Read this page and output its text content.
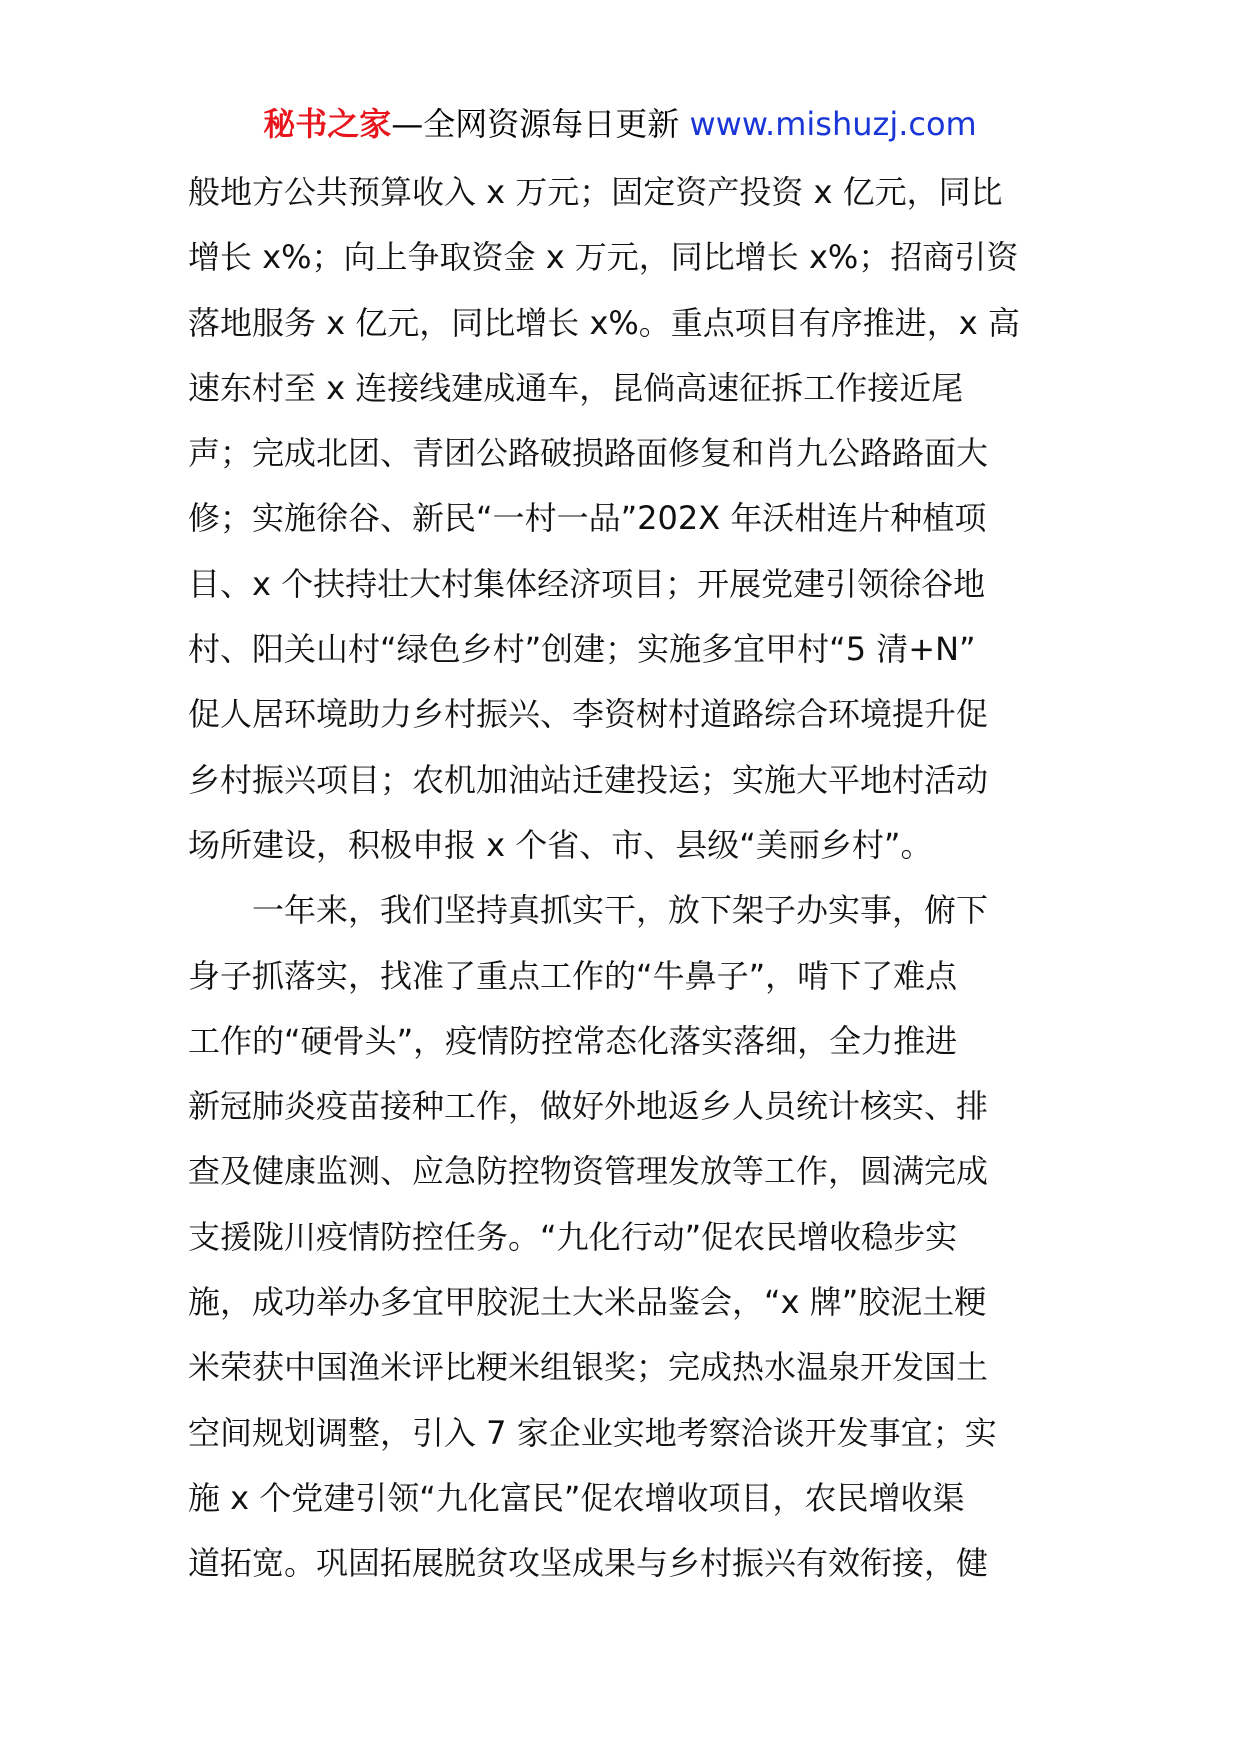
秘书之家—全网资源每日更新 www.mishuzj.com
般地方公共预算收入 x 万元；固定资产投资 x 亿元，同比
增长 x%；向上争取资金 x 万元，同比增长 x%；招商引资
落地服务 x 亿元，同比增长 x%。重点项目有序推进，x 高
速东村至 x 连接线建成通车，昆倘高速征拆工作接近尾
声；完成北团、青团公路破损路面修复和肖九公路路面大
修；实施徐谷、新民“一村一品”202X 年沃柑连片种植项
目、x 个扶持壮大村集体经济项目；开展党建引领徐谷地
村、阳关山村“绿色乡村”创建；实施多宜甲村“5 清+N”
促人居环境助力乡村振兴、李资树村道路综合环境提升促
乡村振兴项目；农机加油站迁建投运；实施大平地村活动
场所建设，积极申报 x 个省、市、县级“美丽乡村”。
　　一年来，我们坚持真抓实干，放下架子办实事，俯下
身子抓落实，找准了重点工作的“牛鼻子”，啃下了难点
工作的“硬骨头”，疫情防控常态化落实落细，全力推进
新冠肺炎疫苗接种工作，做好外地返乡人员统计核实、排
查及健康监测、应急防控物资管理发放等工作，圆满完成
支援陇川疫情防控任务。“九化行动”促农民增收稳步实
施，成功举办多宜甲胶泥土大米品鉴会，“x 牌”胶泥土粳
米荣获中国渔米评比粳米组银奖；完成热水温泉开发国土
空间规划调整，引入 7 家企业实地考察洽谈开发事宜；实
施 x 个党建引领“九化富民”促农增收项目，农民增收渠
道拓宽。巩固拓展脱贫攻坚成果与乡村振兴有效衔接，健
